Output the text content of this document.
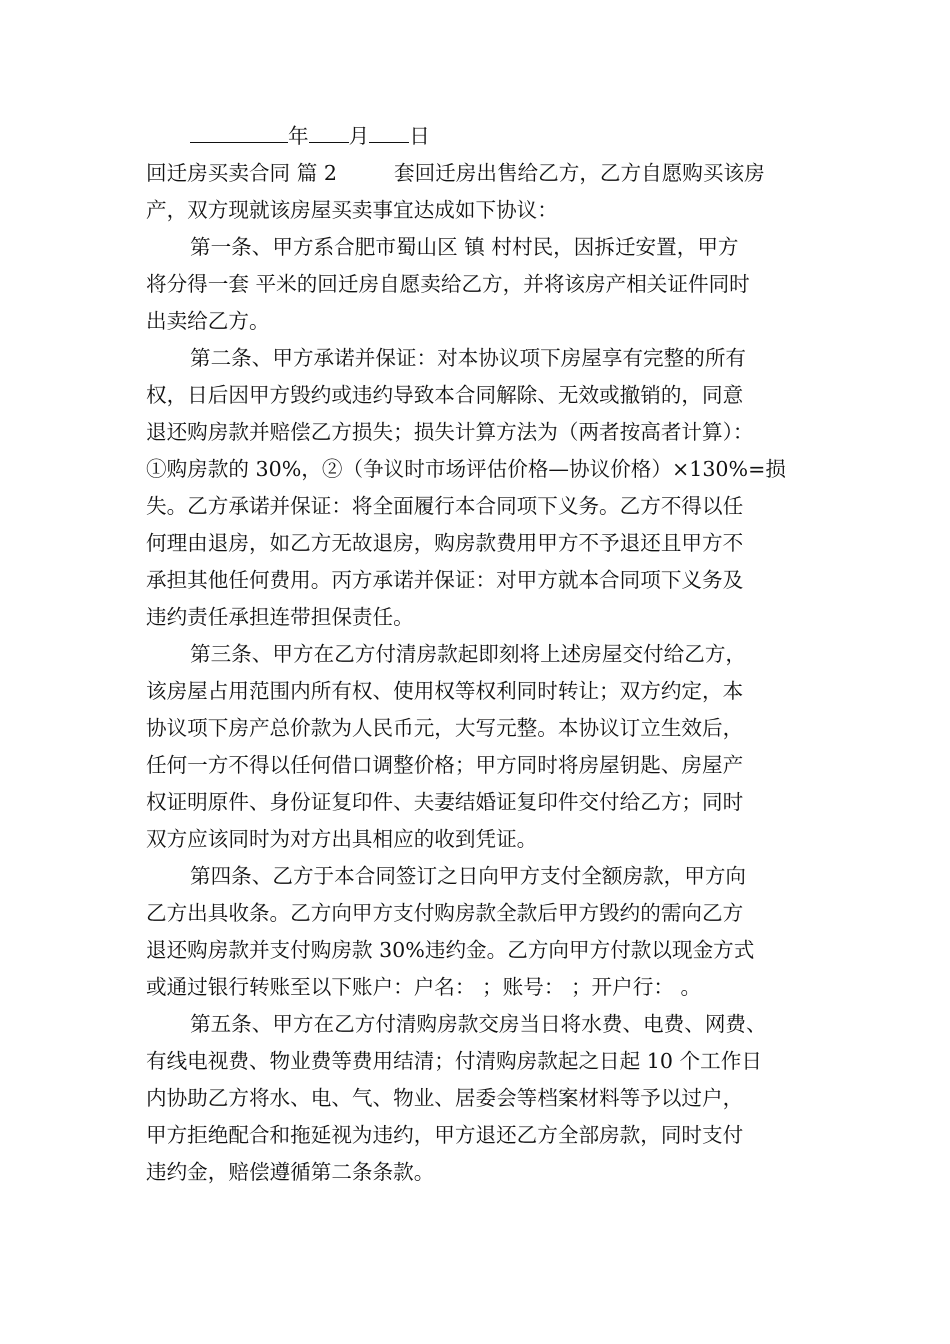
年 月 日
回迁房买卖合同 篇 2	套回迁房出售给乙方，乙方自愿购买该房
产，双方现就该房屋买卖事宜达成如下协议：
第一条、甲方系合肥市蜀山区 镇 村村民，因拆迁安置，甲方
将分得一套 平米的回迁房自愿卖给乙方，并将该房产相关证件同时
出卖给乙方。
第二条、甲方承诺并保证：对本协议项下房屋享有完整的所有
权，日后因甲方毁约或违约导致本合同解除、无效或撤销的，同意
退还购房款并赔偿乙方损失；损失计算方法为（两者按高者计算）：
①购房款的 30%，②（争议时市场评估价格—协议价格）×130%=损
失。乙方承诺并保证：将全面履行本合同项下义务。乙方不得以任
何理由退房，如乙方无故退房，购房款费用甲方不予退还且甲方不
承担其他任何费用。丙方承诺并保证：对甲方就本合同项下义务及
违约责任承担连带担保责任。
第三条、甲方在乙方付清房款起即刻将上述房屋交付给乙方，
该房屋占用范围内所有权、使用权等权利同时转让；双方约定，本
协议项下房产总价款为人民币元，大写元整。本协议订立生效后，
任何一方不得以任何借口调整价格；甲方同时将房屋钥匙、房屋产
权证明原件、身份证复印件、夫妻结婚证复印件交付给乙方；同时
双方应该同时为对方出具相应的收到凭证。
第四条、乙方于本合同签订之日向甲方支付全额房款，甲方向
乙方出具收条。乙方向甲方支付购房款全款后甲方毁约的需向乙方
退还购房款并支付购房款 30%违约金。乙方向甲方付款以现金方式
或通过银行转账至以下账户：户名： ；账号： ；开户行： 。
第五条、甲方在乙方付清购房款交房当日将水费、电费、网费、
有线电视费、物业费等费用结清；付清购房款起之日起 10 个工作日
内协助乙方将水、电、气、物业、居委会等档案材料等予以过户，
甲方拒绝配合和拖延视为违约，甲方退还乙方全部房款，同时支付
违约金，赔偿遵循第二条条款。
